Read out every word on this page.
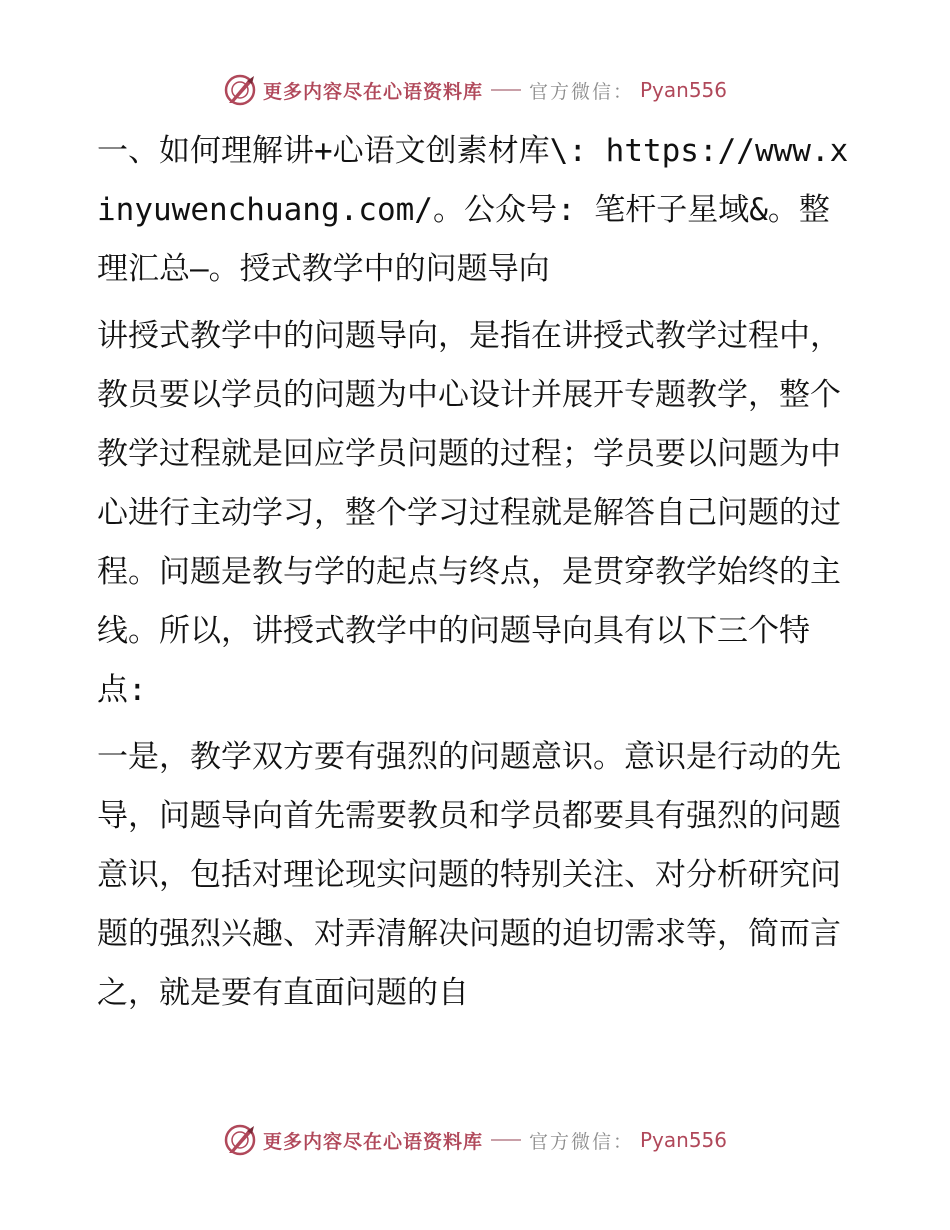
更多内容尽在心语资料库 官方微信： Pyan556

一、如何理解讲+心语文创素材库\: https://www.xinyuwenchuang.com/。公众号: 笔杆子星域&。整理汇总—。授式教学中的问题导向

讲授式教学中的问题导向，是指在讲授式教学过程中，教员要以学员的问题为中心设计并展开专题教学，整个教学过程就是回应学员问题的过程；学员要以问题为中心进行主动学习，整个学习过程就是解答自己问题的过程。问题是教与学的起点与终点，是贯穿教学始终的主线。所以，讲授式教学中的问题导向具有以下三个特点:

一是，教学双方要有强烈的问题意识。意识是行动的先导，问题导向首先需要教员和学员都要具有强烈的问题意识，包括对理论现实问题的特别关注、对分析研究问题的强烈兴趣、对弄清解决问题的迫切需求等，简而言之，就是要有直面问题的自

更多内容尽在心语资料库 官方微信： Pyan556
